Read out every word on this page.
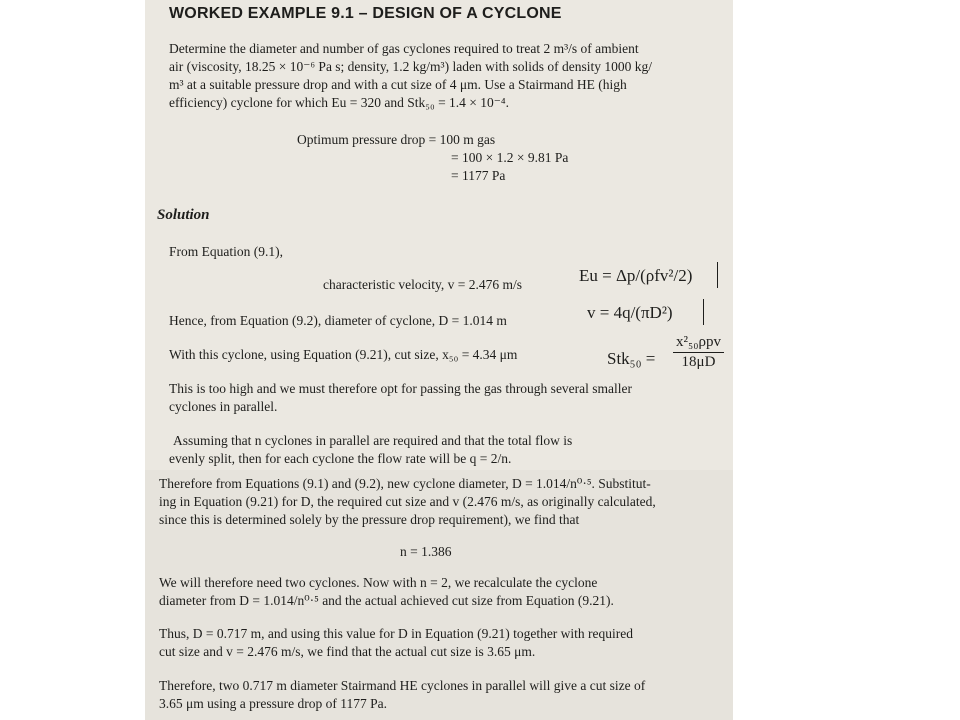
WORKED EXAMPLE 9.1 – DESIGN OF A CYCLONE
Determine the diameter and number of gas cyclones required to treat 2 m³/s of ambient
air (viscosity, 18.25 × 10⁻⁶ Pa s; density, 1.2 kg/m³) laden with solids of density 1000 kg/
m³ at a suitable pressure drop and with a cut size of 4 μm. Use a Stairmand HE (high
efficiency) cyclone for which Eu = 320 and Stk₅₀ = 1.4 × 10⁻⁴.
Optimum pressure drop = 100 m gas
= 100 × 1.2 × 9.81 Pa
= 1177 Pa
Solution
From Equation (9.1),
characteristic velocity, v = 2.476 m/s
Hence, from Equation (9.2), diameter of cyclone, D = 1.014 m
With this cyclone, using Equation (9.21), cut size, x₅₀ = 4.34 μm
This is too high and we must therefore opt for passing the gas through several smaller
cyclones in parallel.
Assuming that n cyclones in parallel are required and that the total flow is
evenly split, then for each cyclone the flow rate will be q = 2/n.
Eu = Δp/(ρfv²/2)
v = 4q/(πD²)
Stk₅₀ =
x²₅₀ρpv
18μD
Therefore from Equations (9.1) and (9.2), new cyclone diameter, D = 1.014/n⁰·⁵. Substitut-
ing in Equation (9.21) for D, the required cut size and v (2.476 m/s, as originally calculated,
since this is determined solely by the pressure drop requirement), we find that
n = 1.386
We will therefore need two cyclones. Now with n = 2, we recalculate the cyclone
diameter from D = 1.014/n⁰·⁵ and the actual achieved cut size from Equation (9.21).
Thus, D = 0.717 m, and using this value for D in Equation (9.21) together with required
cut size and v = 2.476 m/s, we find that the actual cut size is 3.65 μm.
Therefore, two 0.717 m diameter Stairmand HE cyclones in parallel will give a cut size of
3.65 μm using a pressure drop of 1177 Pa.
